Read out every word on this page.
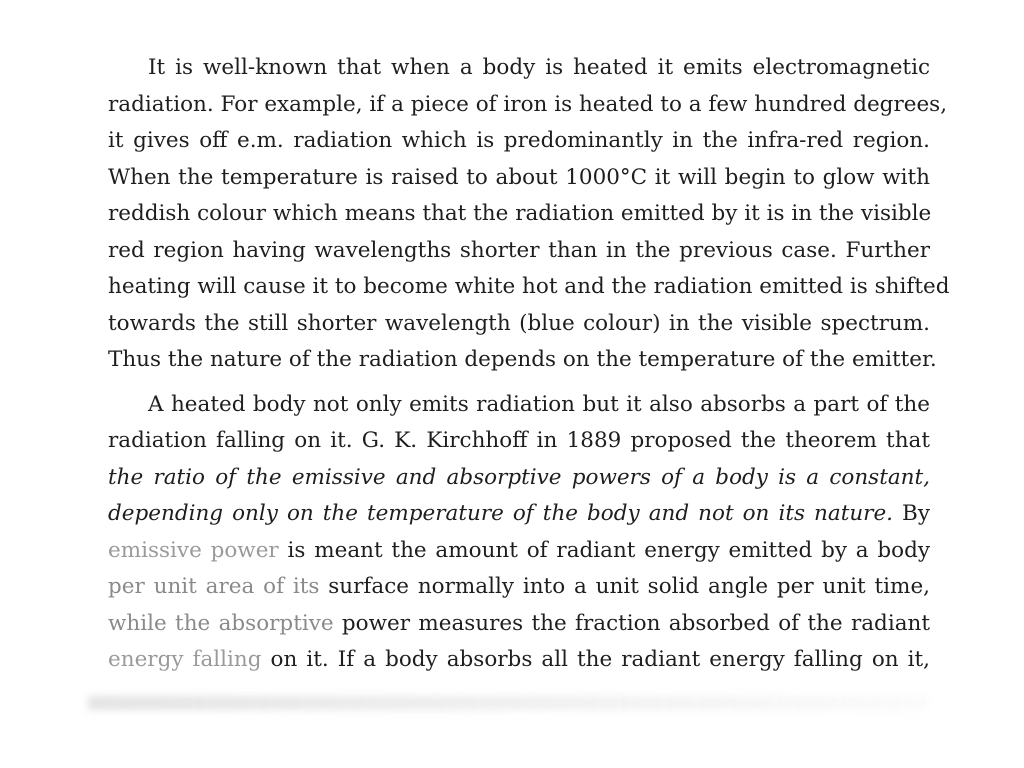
It is well-known that when a body is heated it emits electromagnetic
radiation. For example, if a piece of iron is heated to a few hundred degrees,
it gives off e.m. radiation which is predominantly in the infra-red region.
When the temperature is raised to about 1000°C it will begin to glow with
reddish colour which means that the radiation emitted by it is in the visible
red region having wavelengths shorter than in the previous case. Further
heating will cause it to become white hot and the radiation emitted is shifted
towards the still shorter wavelength (blue colour) in the visible spectrum.
Thus the nature of the radiation depends on the temperature of the emitter.
A heated body not only emits radiation but it also absorbs a part of the
radiation falling on it. G. K. Kirchhoff in 1889 proposed the theorem that
the ratio of the emissive and absorptive powers of a body is a constant,
depending only on the temperature of the body and not on its nature. By
emissive power is meant the amount of radiant energy emitted by a body
per unit area of its surface normally into a unit solid angle per unit time,
while the absorptive power measures the fraction absorbed of the radiant
energy falling on it. If a body absorbs all the radiant energy falling on it,
